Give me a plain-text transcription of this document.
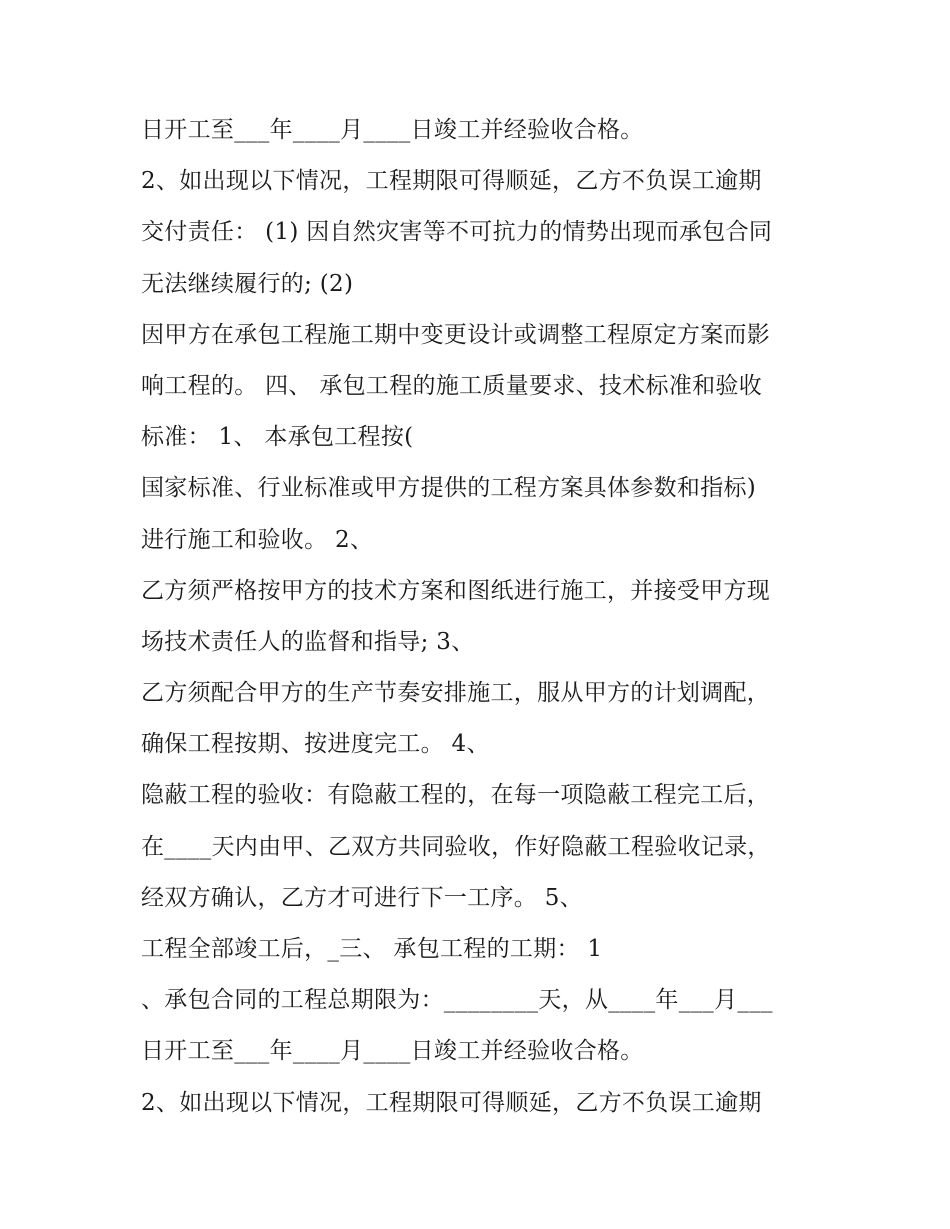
日开工至___年____月____日竣工并经验收合格。
2、如出现以下情况，工程期限可得顺延，乙方不负误工逾期
交付责任： (1) 因自然灾害等不可抗力的情势出现而承包合同
无法继续履行的; (2)
因甲方在承包工程施工期中变更设计或调整工程原定方案而影
响工程的。 四、 承包工程的施工质量要求、技术标准和验收
标准： 1、 本承包工程按(
国家标准、行业标准或甲方提供的工程方案具体参数和指标)
进行施工和验收。 2、
乙方须严格按甲方的技术方案和图纸进行施工，并接受甲方现
场技术责任人的监督和指导; 3、
乙方须配合甲方的生产节奏安排施工，服从甲方的计划调配，
确保工程按期、按进度完工。 4、
隐蔽工程的验收：有隐蔽工程的，在每一项隐蔽工程完工后，
在____天内由甲、乙双方共同验收，作好隐蔽工程验收记录，
经双方确认，乙方才可进行下一工序。 5、
工程全部竣工后，_三、 承包工程的工期： 1
、承包合同的工程总期限为：________天，从____年___月___
日开工至___年____月____日竣工并经验收合格。
2、如出现以下情况，工程期限可得顺延，乙方不负误工逾期
